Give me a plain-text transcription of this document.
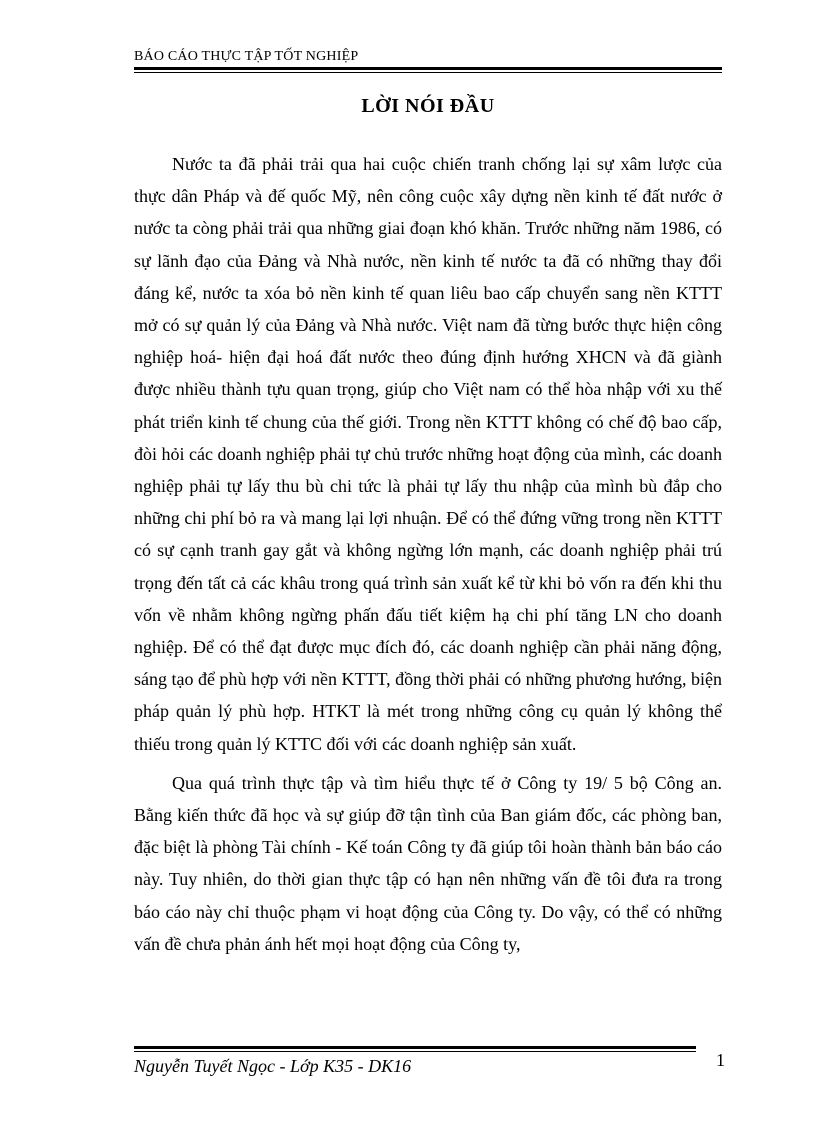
BÁO CÁO THỰC TẬP TỐT NGHIỆP
LỜI NÓI ĐẦU

Nước ta đã phải trải qua hai cuộc chiến tranh chống lại sự xâm lược của thực dân Pháp và đế quốc Mỹ, nên công cuộc xây dựng nền kinh tế đất nước ở nước ta còng phải trải qua những giai đoạn khó khăn. Trước những năm 1986, có sự lãnh đạo của Đảng và Nhà nước, nền kinh tế nước ta đã có những thay đổi đáng kể, nước ta xóa bỏ nền kinh tế quan liêu bao cấp chuyển sang nền KTTT mở có sự quản lý của Đảng và Nhà nước. Việt nam đã từng bước thực hiện công nghiệp hoá- hiện đại hoá đất nước theo đúng định hướng XHCN và đã giành được nhiều thành tựu quan trọng, giúp cho Việt nam có thể hòa nhập với xu thế phát triển kinh tế chung của thế giới. Trong nền KTTT không có chế độ bao cấp, đòi hỏi các doanh nghiệp phải tự chủ trước những hoạt động của mình, các doanh nghiệp phải tự lấy thu bù chi tức là phải tự lấy thu nhập của mình bù đắp cho những chi phí bỏ ra và mang lại lợi nhuận. Để có thể đứng vững trong nền KTTT có sự cạnh tranh gay gắt và không ngừng lớn mạnh, các doanh nghiệp phải trú trọng đến tất cả các khâu trong quá trình sản xuất kể từ khi bỏ vốn ra đến khi thu vốn về nhằm không ngừng phấn đấu tiết kiệm hạ chi phí tăng LN cho doanh nghiệp. Để có thể đạt được mục đích đó, các doanh nghiệp cần phải năng động, sáng tạo để phù hợp với nền KTTT, đồng thời phải có những phương hướng, biện pháp quản lý phù hợp. HTKT là mét trong những công cụ quản lý không thể thiếu trong quản lý KTTC đối với các doanh nghiệp sản xuất.

Qua quá trình thực tập và tìm hiểu thực tế ở Công ty 19/ 5 bộ Công an. Bằng kiến thức đã học và sự giúp đỡ tận tình của Ban giám đốc, các phòng ban, đặc biệt là phòng Tài chính - Kế toán Công ty đã giúp tôi hoàn thành bản báo cáo này. Tuy nhiên, do thời gian thực tập có hạn nên những vấn đề tôi đưa ra trong báo cáo này chỉ thuộc phạm vi hoạt động của Công ty. Do vậy, có thể có những vấn đề chưa phản ánh hết mọi hoạt động của Công ty,

Nguyễn Tuyết Ngọc - Lớp K35 - DK16	1
